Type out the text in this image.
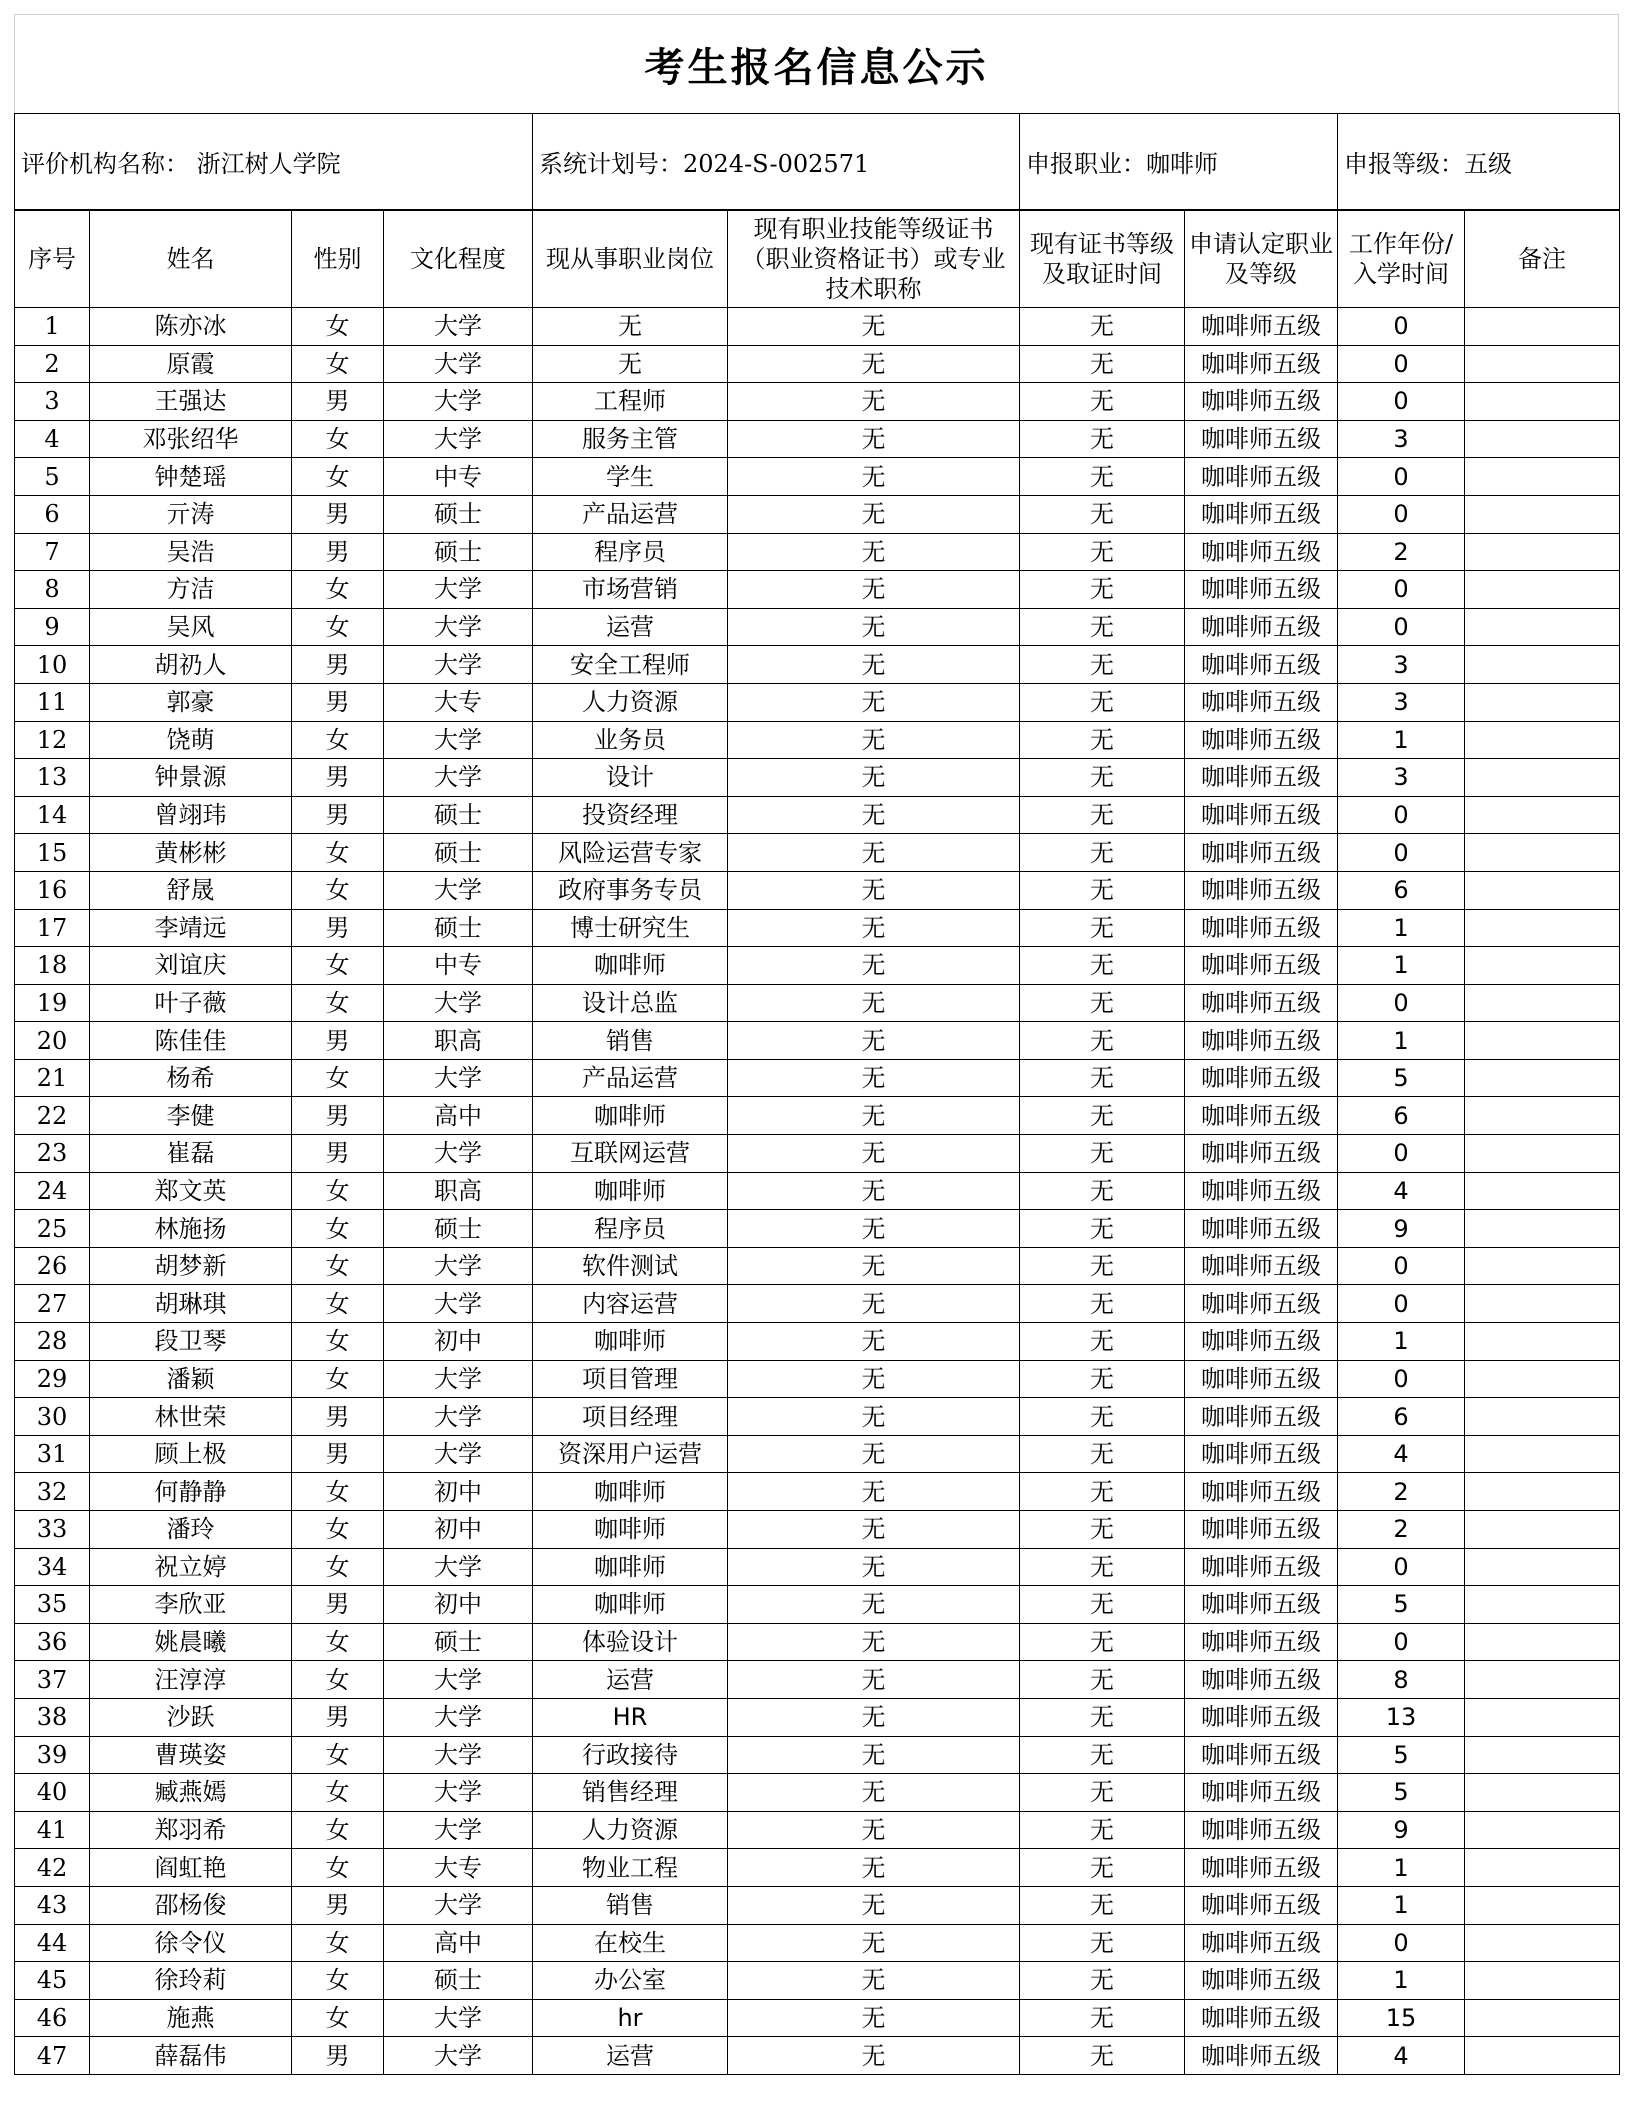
考生报名信息公示
评价机构名称： 浙江树人学院	系统计划号：2024-S-002571	申报职业：咖啡师	申报等级：五级
序号	姓名	性别	文化程度	现从事职业岗位	现有职业技能等级证书（职业资格证书）或专业技术职称	现有证书等级及取证时间	申请认定职业及等级	工作年份/入学时间	备注
1	陈亦冰	女	大学	无	无	无	咖啡师五级	0	
2	原霞	女	大学	无	无	无	咖啡师五级	0	
3	王强达	男	大学	工程师	无	无	咖啡师五级	0	
4	邓张绍华	女	大学	服务主管	无	无	咖啡师五级	3	
5	钟楚瑶	女	中专	学生	无	无	咖啡师五级	0	
6	亓涛	男	硕士	产品运营	无	无	咖啡师五级	0	
7	吴浩	男	硕士	程序员	无	无	咖啡师五级	2	
8	方洁	女	大学	市场营销	无	无	咖啡师五级	0	
9	吴风	女	大学	运营	无	无	咖啡师五级	0	
10	胡礽人	男	大学	安全工程师	无	无	咖啡师五级	3	
11	郭豪	男	大专	人力资源	无	无	咖啡师五级	3	
12	饶萌	女	大学	业务员	无	无	咖啡师五级	1	
13	钟景源	男	大学	设计	无	无	咖啡师五级	3	
14	曾翊玮	男	硕士	投资经理	无	无	咖啡师五级	0	
15	黄彬彬	女	硕士	风险运营专家	无	无	咖啡师五级	0	
16	舒晟	女	大学	政府事务专员	无	无	咖啡师五级	6	
17	李靖远	男	硕士	博士研究生	无	无	咖啡师五级	1	
18	刘谊庆	女	中专	咖啡师	无	无	咖啡师五级	1	
19	叶子薇	女	大学	设计总监	无	无	咖啡师五级	0	
20	陈佳佳	男	职高	销售	无	无	咖啡师五级	1	
21	杨希	女	大学	产品运营	无	无	咖啡师五级	5	
22	李健	男	高中	咖啡师	无	无	咖啡师五级	6	
23	崔磊	男	大学	互联网运营	无	无	咖啡师五级	0	
24	郑文英	女	职高	咖啡师	无	无	咖啡师五级	4	
25	林施扬	女	硕士	程序员	无	无	咖啡师五级	9	
26	胡梦新	女	大学	软件测试	无	无	咖啡师五级	0	
27	胡琳琪	女	大学	内容运营	无	无	咖啡师五级	0	
28	段卫琴	女	初中	咖啡师	无	无	咖啡师五级	1	
29	潘颖	女	大学	项目管理	无	无	咖啡师五级	0	
30	林世荣	男	大学	项目经理	无	无	咖啡师五级	6	
31	顾上极	男	大学	资深用户运营	无	无	咖啡师五级	4	
32	何静静	女	初中	咖啡师	无	无	咖啡师五级	2	
33	潘玲	女	初中	咖啡师	无	无	咖啡师五级	2	
34	祝立婷	女	大学	咖啡师	无	无	咖啡师五级	0	
35	李欣亚	男	初中	咖啡师	无	无	咖啡师五级	5	
36	姚晨曦	女	硕士	体验设计	无	无	咖啡师五级	0	
37	汪淳淳	女	大学	运营	无	无	咖啡师五级	8	
38	沙跃	男	大学	HR	无	无	咖啡师五级	13	
39	曹瑛姿	女	大学	行政接待	无	无	咖啡师五级	5	
40	臧燕嫣	女	大学	销售经理	无	无	咖啡师五级	5	
41	郑羽希	女	大学	人力资源	无	无	咖啡师五级	9	
42	阎虹艳	女	大专	物业工程	无	无	咖啡师五级	1	
43	邵杨俊	男	大学	销售	无	无	咖啡师五级	1	
44	徐令仪	女	高中	在校生	无	无	咖啡师五级	0	
45	徐玲莉	女	硕士	办公室	无	无	咖啡师五级	1	
46	施燕	女	大学	hr	无	无	咖啡师五级	15	
47	薛磊伟	男	大学	运营	无	无	咖啡师五级	4	
